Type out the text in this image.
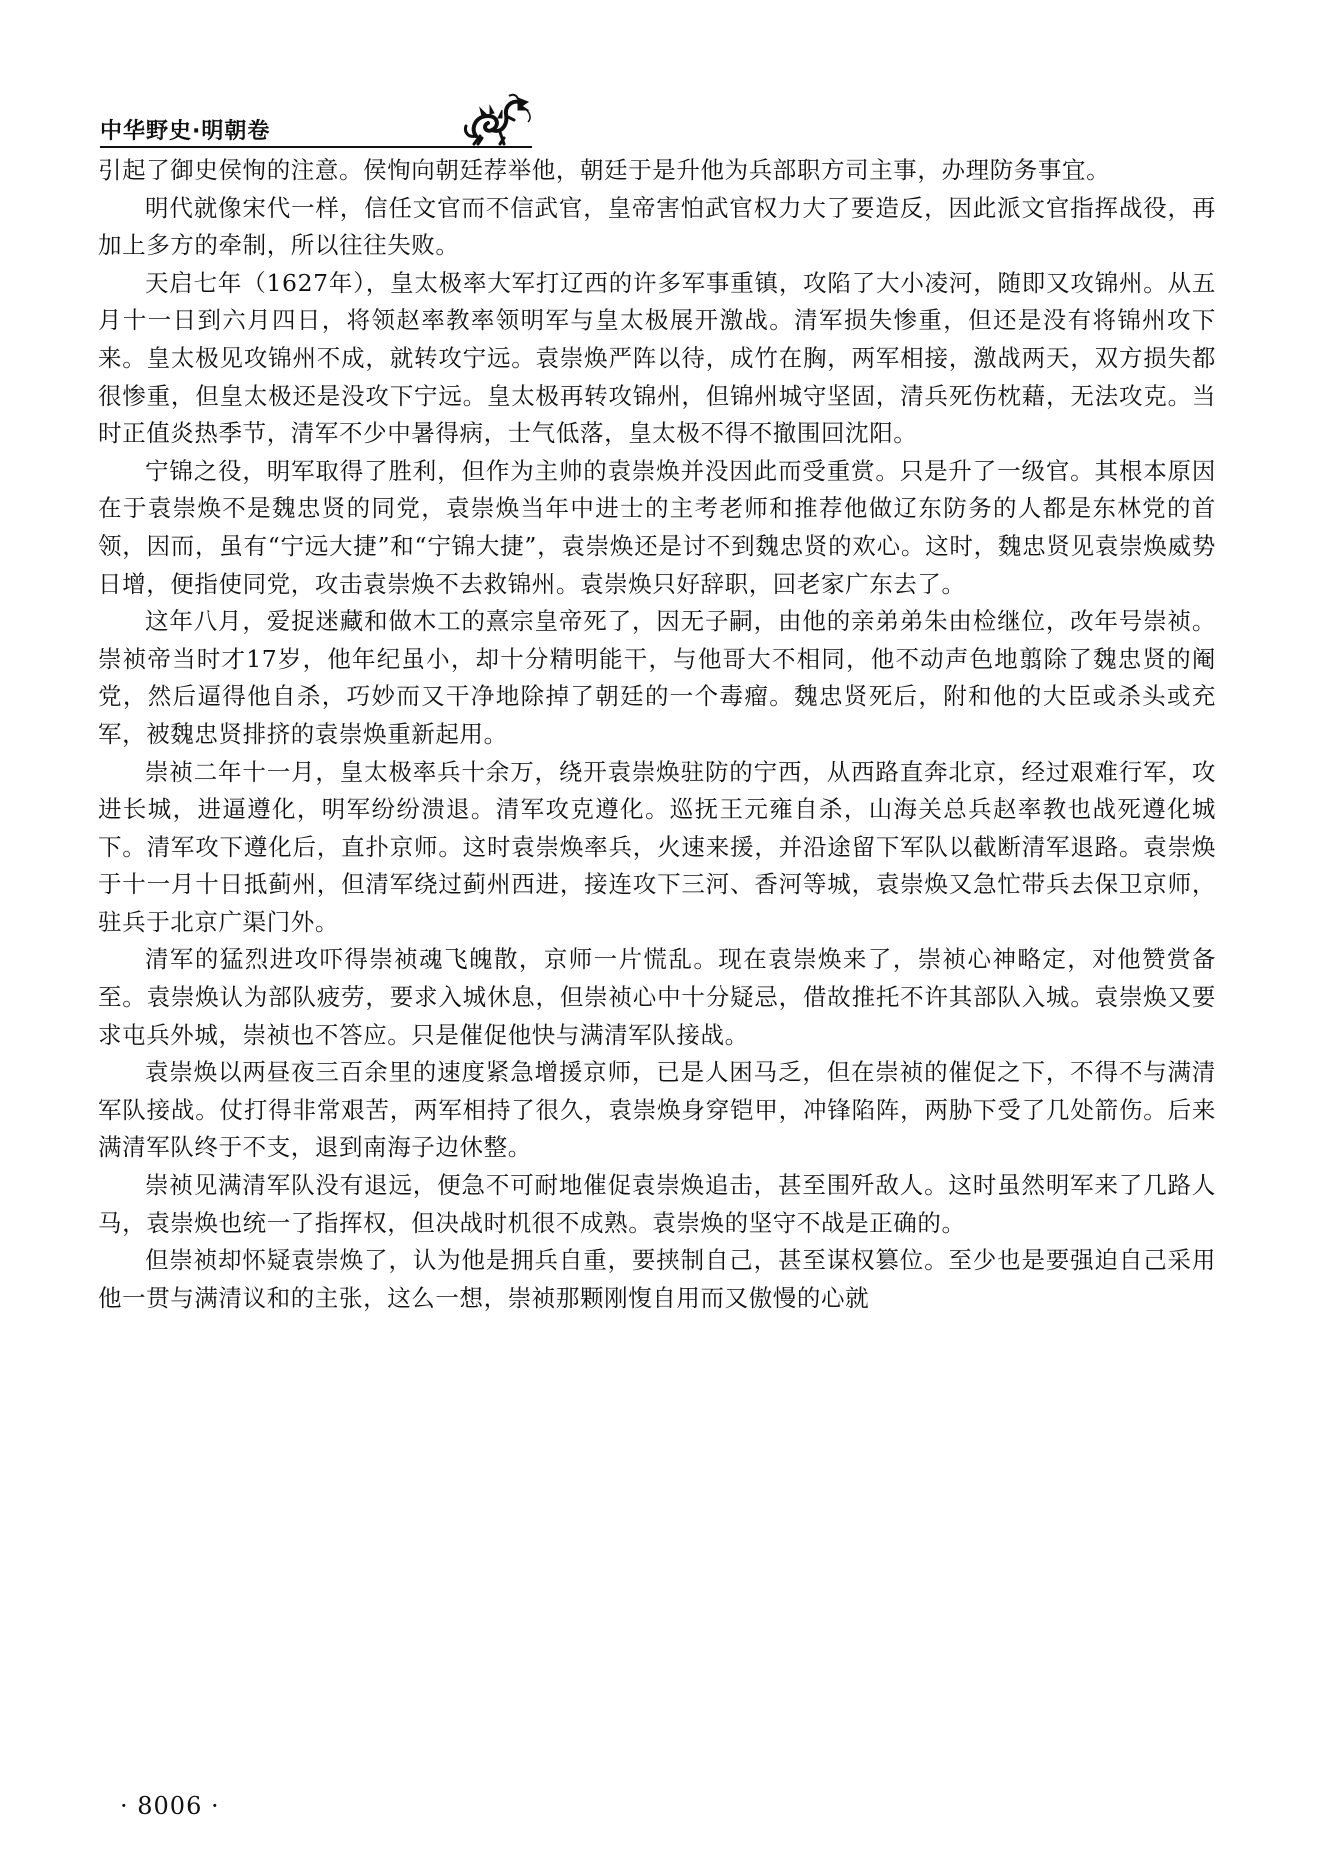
中华野史·明朝卷

引起了御史侯恂的注意。侯恂向朝廷荐举他，朝廷于是升他为兵部职方司主事，办理防务事宜。

明代就像宋代一样，信任文官而不信武官，皇帝害怕武官权力大了要造反，因此派文官指挥战役，再加上多方的牵制，所以往往失败。

天启七年（1627年），皇太极率大军打辽西的许多军事重镇，攻陷了大小凌河，随即又攻锦州。从五月十一日到六月四日，将领赵率教率领明军与皇太极展开激战。清军损失惨重，但还是没有将锦州攻下来。皇太极见攻锦州不成，就转攻宁远。袁崇焕严阵以待，成竹在胸，两军相接，激战两天，双方损失都很惨重，但皇太极还是没攻下宁远。皇太极再转攻锦州，但锦州城守坚固，清兵死伤枕藉，无法攻克。当时正值炎热季节，清军不少中暑得病，士气低落，皇太极不得不撤围回沈阳。

宁锦之役，明军取得了胜利，但作为主帅的袁崇焕并没因此而受重赏。只是升了一级官。其根本原因在于袁崇焕不是魏忠贤的同党，袁崇焕当年中进士的主考老师和推荐他做辽东防务的人都是东林党的首领，因而，虽有“宁远大捷”和“宁锦大捷”，袁崇焕还是讨不到魏忠贤的欢心。这时，魏忠贤见袁崇焕威势日增，便指使同党，攻击袁崇焕不去救锦州。袁崇焕只好辞职，回老家广东去了。

这年八月，爱捉迷藏和做木工的熹宗皇帝死了，因无子嗣，由他的亲弟弟朱由检继位，改年号崇祯。崇祯帝当时才17岁，他年纪虽小，却十分精明能干，与他哥大不相同，他不动声色地翦除了魏忠贤的阉党，然后逼得他自杀，巧妙而又干净地除掉了朝廷的一个毒瘤。魏忠贤死后，附和他的大臣或杀头或充军，被魏忠贤排挤的袁崇焕重新起用。

崇祯二年十一月，皇太极率兵十余万，绕开袁崇焕驻防的宁西，从西路直奔北京，经过艰难行军，攻进长城，进逼遵化，明军纷纷溃退。清军攻克遵化。巡抚王元雍自杀，山海关总兵赵率教也战死遵化城下。清军攻下遵化后，直扑京师。这时袁崇焕率兵，火速来援，并沿途留下军队以截断清军退路。袁崇焕于十一月十日抵蓟州，但清军绕过蓟州西进，接连攻下三河、香河等城，袁崇焕又急忙带兵去保卫京师，驻兵于北京广渠门外。

清军的猛烈进攻吓得崇祯魂飞魄散，京师一片慌乱。现在袁崇焕来了，崇祯心神略定，对他赞赏备至。袁崇焕认为部队疲劳，要求入城休息，但崇祯心中十分疑忌，借故推托不许其部队入城。袁崇焕又要求屯兵外城，崇祯也不答应。只是催促他快与满清军队接战。

袁崇焕以两昼夜三百余里的速度紧急增援京师，已是人困马乏，但在崇祯的催促之下，不得不与满清军队接战。仗打得非常艰苦，两军相持了很久，袁崇焕身穿铠甲，冲锋陷阵，两胁下受了几处箭伤。后来满清军队终于不支，退到南海子边休整。

崇祯见满清军队没有退远，便急不可耐地催促袁崇焕追击，甚至围歼敌人。这时虽然明军来了几路人马，袁崇焕也统一了指挥权，但决战时机很不成熟。袁崇焕的坚守不战是正确的。

但崇祯却怀疑袁崇焕了，认为他是拥兵自重，要挟制自己，甚至谋权篡位。至少也是要强迫自己采用他一贯与满清议和的主张，这么一想，崇祯那颗刚愎自用而又傲慢的心就

· 8006 ·
